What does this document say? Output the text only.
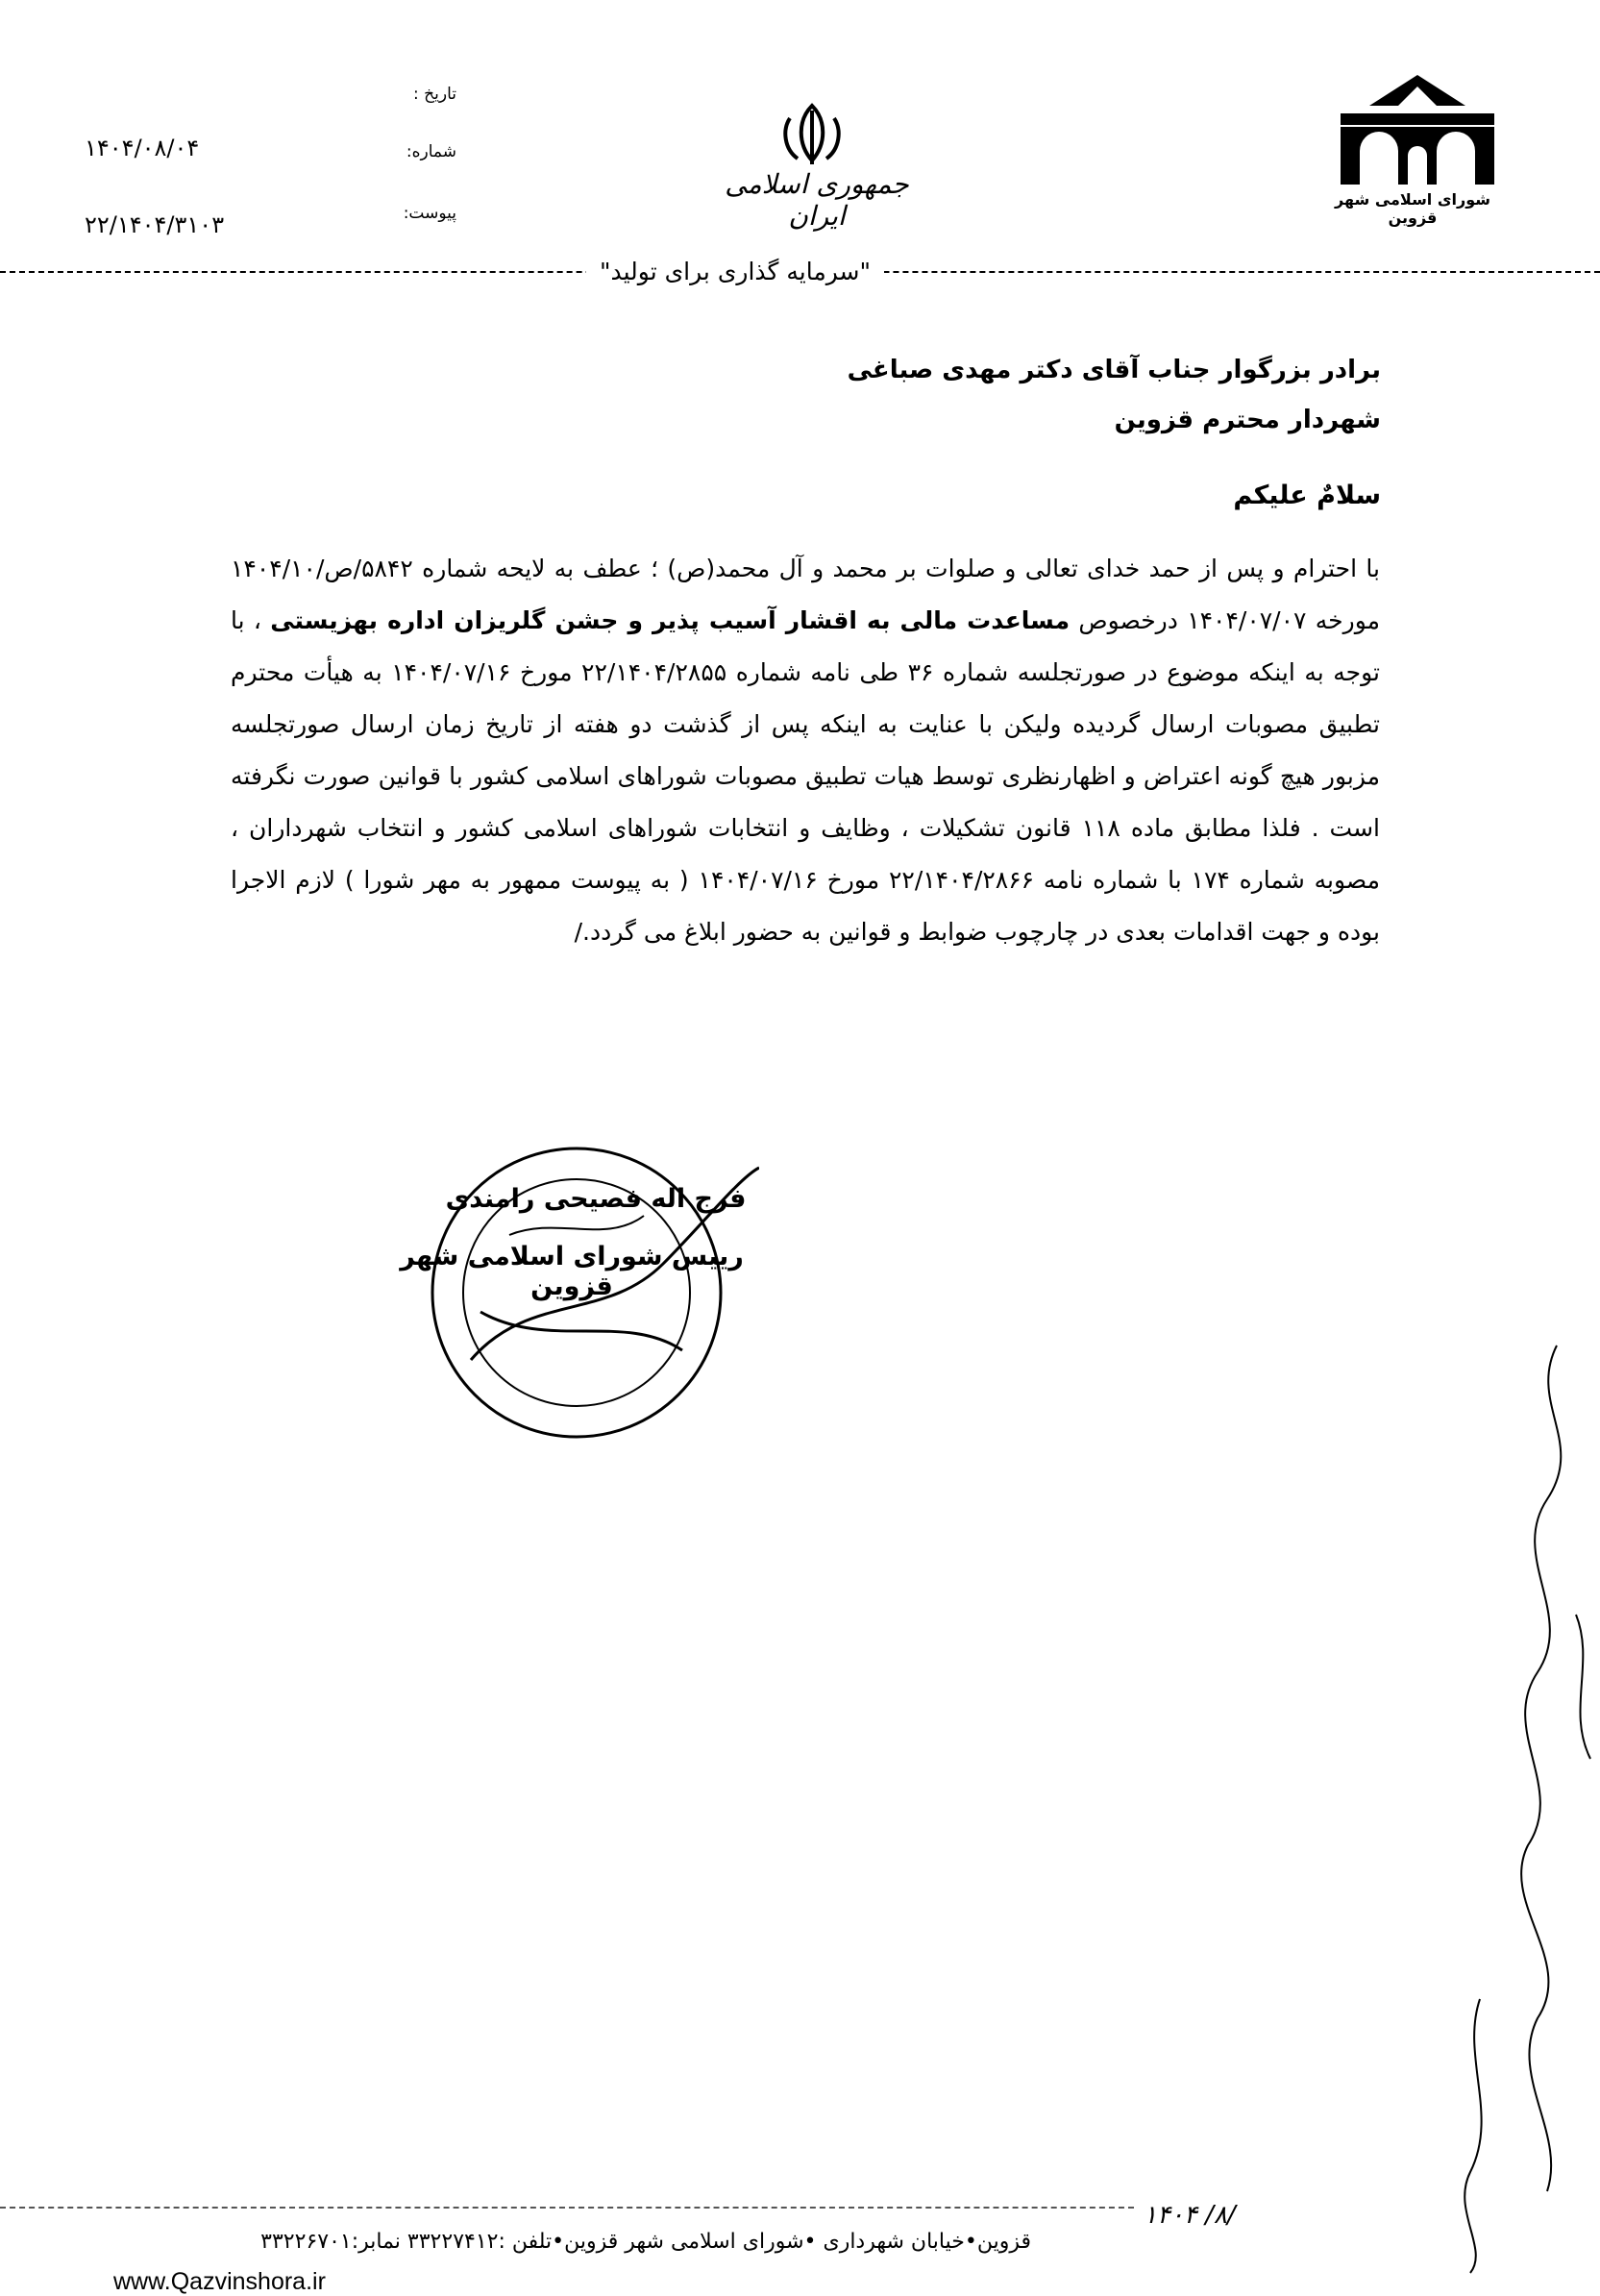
شورای اسلامی شهر قزوین
جمهوری اسلامی ایران
تاریخ :
شماره:
پیوست:
۱۴۰۴/۰۸/۰۴
۲۲/۱۴۰۴/۳۱۰۳
"سرمایه گذاری برای تولید"
برادر بزرگوار جناب آقای دکتر مهدی صباغی
شهردار محترم قزوین
سلامٌ علیکم
با احترام و پس از حمد خدای تعالی و صلوات بر محمد و آل محمد(ص) ؛ عطف به لایحه شماره ۵۸۴۲/ص/۱۴۰۴/۱۰ مورخه ۱۴۰۴/۰۷/۰۷ درخصوص مساعدت مالی به اقشار آسیب پذیر و جشن گلریزان اداره بهزیستی ، با توجه به اینکه موضوع در صورتجلسه شماره ۳۶ طی نامه شماره ۲۲/۱۴۰۴/۲۸۵۵ مورخ ۱۴۰۴/۰۷/۱۶ به هیأت محترم تطبیق مصوبات ارسال گردیده ولیکن با عنایت به اینکه پس از گذشت دو هفته از تاریخ زمان ارسال صورتجلسه مزبور هیچ گونه اعتراض و اظهارنظری توسط هیات تطبیق مصوبات شوراهای اسلامی کشور با قوانین صورت نگرفته است . فلذا مطابق ماده ۱۱۸ قانون تشکیلات ، وظایف و انتخابات شوراهای اسلامی کشور و انتخاب شهرداران ، مصوبه شماره ۱۷۴ با شماره نامه ۲۲/۱۴۰۴/۲۸۶۶ مورخ ۱۴۰۴/۰۷/۱۶ ( به پیوست ممهور به مهر شورا ) لازم الاجرا بوده و جهت اقدامات بعدی در چارچوب ضوابط و قوانین به حضور ابلاغ می گردد./
فرج اله فصیحی رامندی
رییس شورای اسلامی شهر قزوین
/۸/ ۱۴۰۴
قزوین•خیابان شهرداری •شورای اسلامی شهر قزوین•تلفن :۳۳۲۲۷۴۱۲ نمابر:۳۳۲۲۶۷۰۱
www.Qazvinshora.ir
